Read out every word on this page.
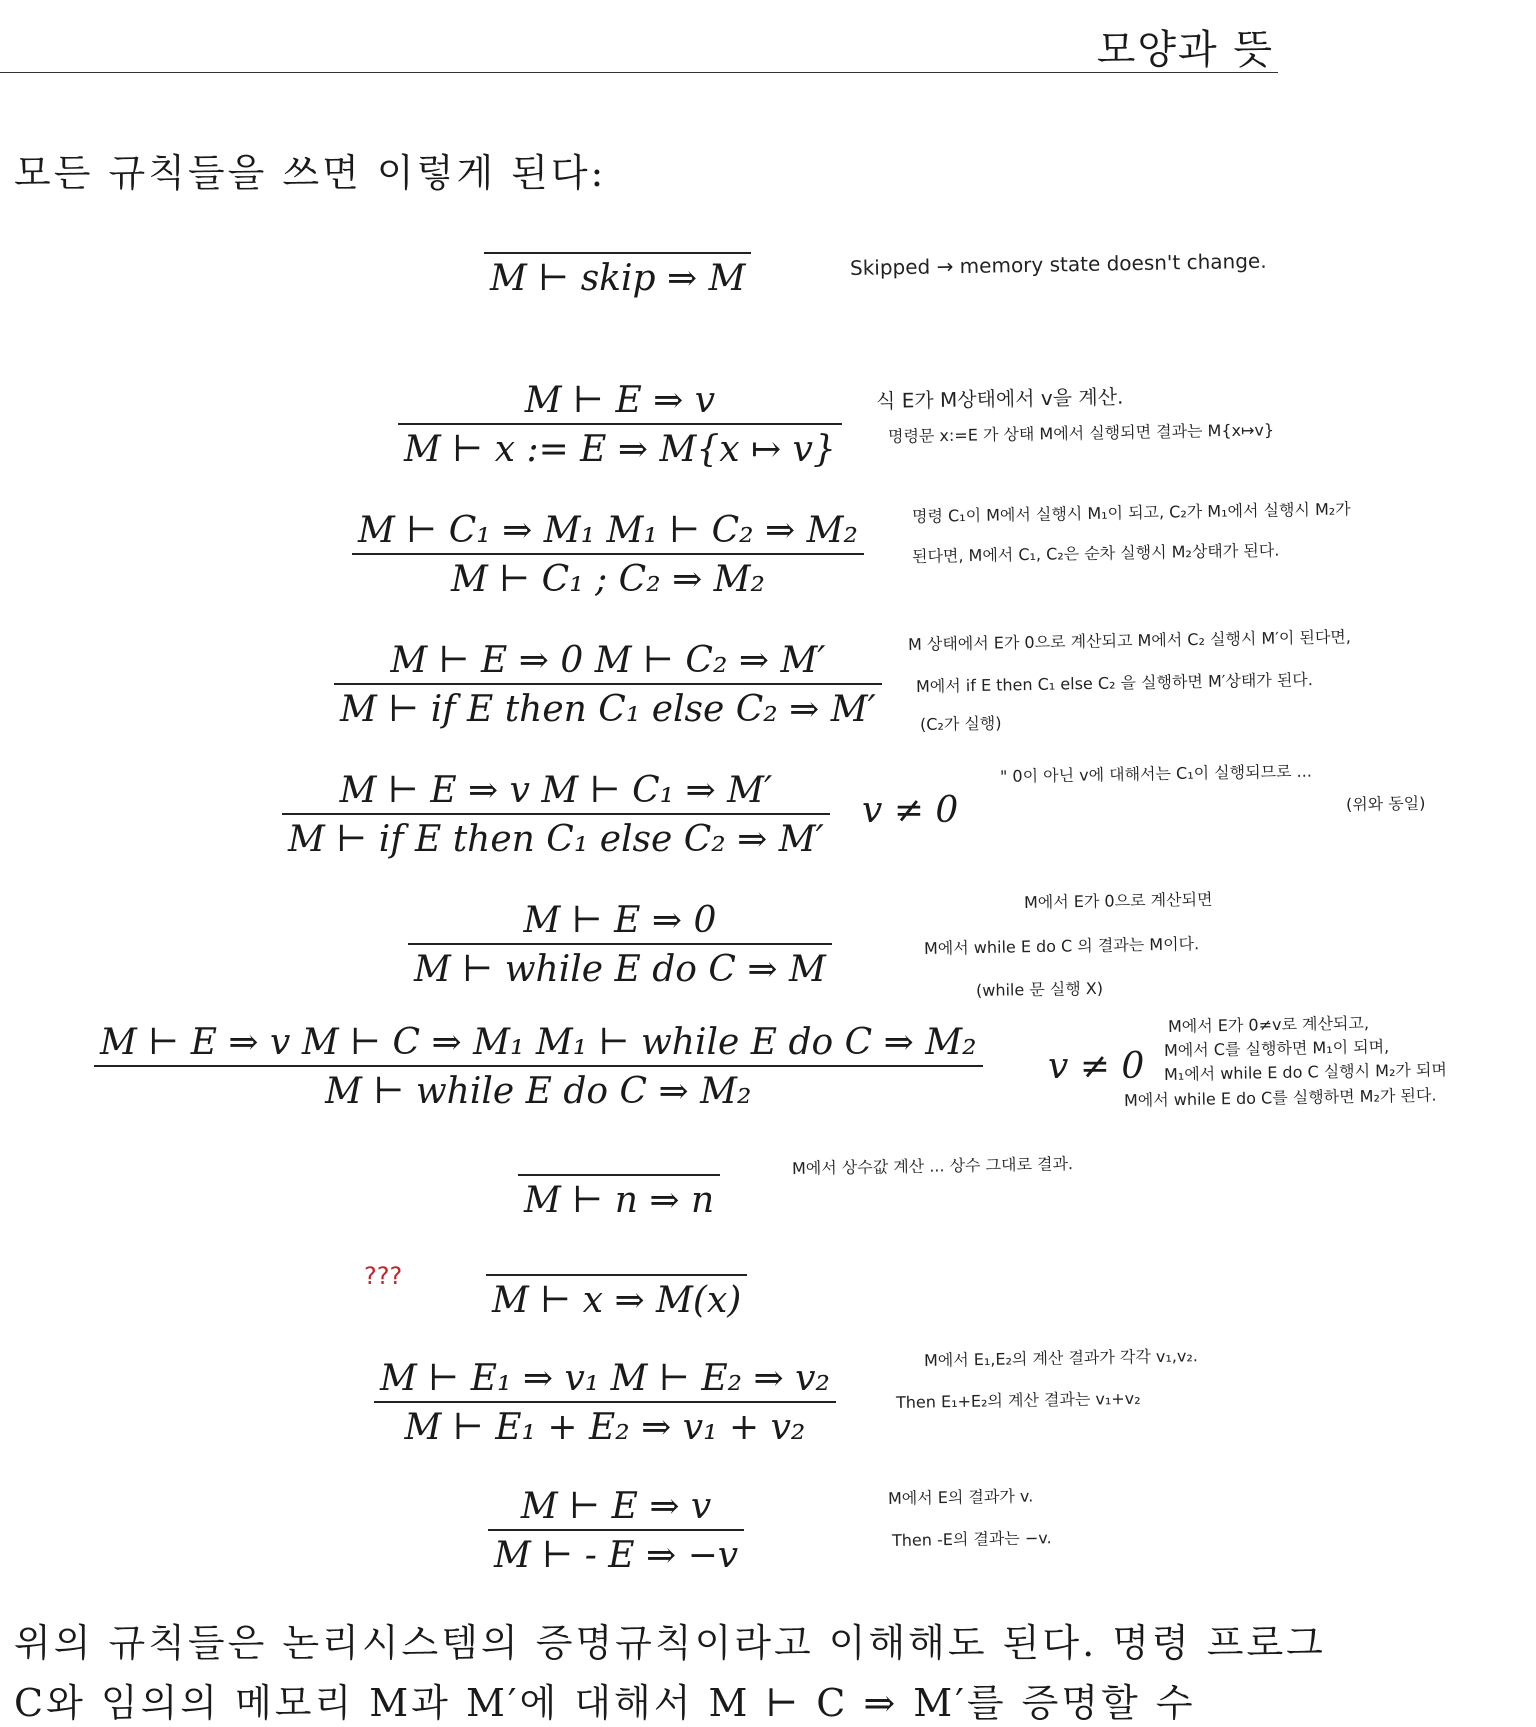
모양과 뜻
모든 규칙들을 쓰면 이렇게 된다:
M ⊢ skip ⇒ M
M ⊢ E ⇒ v
M ⊢ x := E ⇒ M{x ↦ v}
M ⊢ C₁ ⇒ M₁ M₁ ⊢ C₂ ⇒ M₂
M ⊢ C₁ ; C₂ ⇒ M₂
M ⊢ E ⇒ 0 M ⊢ C₂ ⇒ M′
M ⊢ if E then C₁ else C₂ ⇒ M′
M ⊢ E ⇒ v M ⊢ C₁ ⇒ M′
M ⊢ if E then C₁ else C₂ ⇒ M′
v ≠ 0
M ⊢ E ⇒ 0
M ⊢ while E do C ⇒ M
M ⊢ E ⇒ v M ⊢ C ⇒ M₁ M₁ ⊢ while E do C ⇒ M₂
M ⊢ while E do C ⇒ M₂
v ≠ 0
M ⊢ n ⇒ n
M ⊢ x ⇒ M(x)
M ⊢ E₁ ⇒ v₁ M ⊢ E₂ ⇒ v₂
M ⊢ E₁ + E₂ ⇒ v₁ + v₂
M ⊢ E ⇒ v
M ⊢ - E ⇒ −v
Skipped → memory state doesn't change.
식 E가 M상태에서 v을 계산.
명령문 x:=E 가 상태 M에서 실행되면 결과는 M{x↦v}
명령 C₁이 M에서 실행시 M₁이 되고, C₂가 M₁에서 실행시 M₂가
된다면, M에서 C₁, C₂은 순차 실행시 M₂상태가 된다.
M 상태에서 E가 0으로 계산되고 M에서 C₂ 실행시 M′이 된다면,
M에서 if E then C₁ else C₂ 을 실행하면 M′상태가 된다.
(C₂가 실행)
" 0이 아닌 v에 대해서는 C₁이 실행되므로 ...
(위와 동일)
M에서 E가 0으로 계산되면
M에서 while E do C 의 결과는 M이다.
(while 문 실행 X)
M에서 E가 0≠v로 계산되고,
M에서 C를 실행하면 M₁이 되며,
M₁에서 while E do C 실행시 M₂가 되며
M에서 while E do C를 실행하면 M₂가 된다.
M에서 상수값 계산 ... 상수 그대로 결과.
M에서 E₁,E₂의 계산 결과가 각각 v₁,v₂.
Then E₁+E₂의 계산 결과는 v₁+v₂
M에서 E의 결과가 v.
Then -E의 결과는 −v.
???
위의 규칙들은 논리시스템의 증명규칙이라고 이해해도 된다. 명령 프로그
C와 임의의 메모리 M과 M′에 대해서 M ⊢ C ⇒ M′를 증명할 수
